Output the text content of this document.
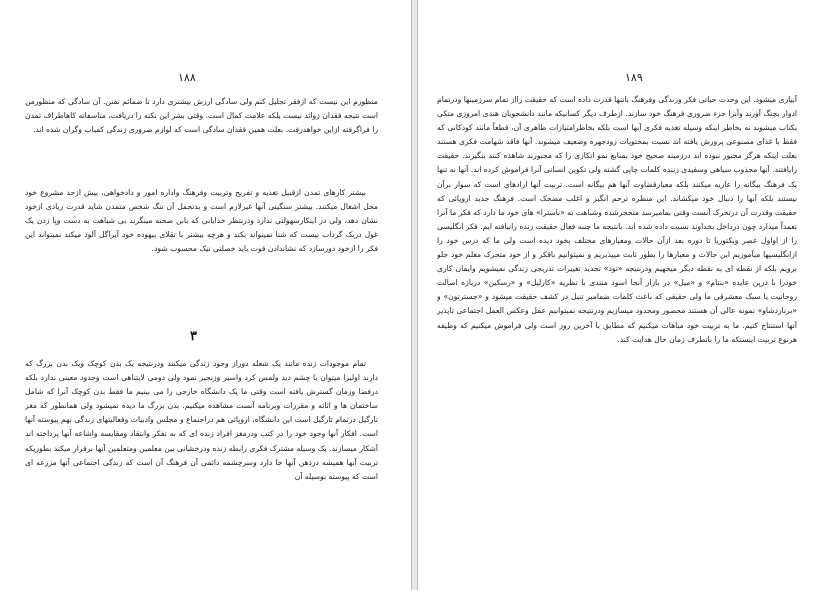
۱۸۸

منظورم این نیست که ازفقر تجلیل کنم ولی سادگی ارزش بیشتری دارد تا ضمائم تفنن. آن سادگی که منظورمن است نتیجه فقدان زوائد نیست بلکه علامت کمال است. وقتی بشر این نکته را دریافت، متاسفانه کاهاطراف تمدن را فراگرفته ازاین خواهدرفت. بعلت همین فقدان سادگی است که لوازم ضروری زندگی کمیاب وگران شده اند.

بیشتر کارهای تمدن ازقبیل تغذیه و تفریح وتربیت وفرهنگ واداره امور و دادخواهی، بیش ازحد مشروع خود محل اشغال میکنند. بیشتر سنگینی آنها غیرلازم است و بدتحمل آن تنگ شخص متمدن شاید قدرت زیادی ازخود نشان دهد، ولی در اینکارسهولتی ندارد ودرنتظر خدایانی که بابن صحنه مینگرند بی شباهت به دست وپا زدن یک غول دریک گرداب نیست که شنا نمیتواند بکند و هرچه بیشتر با تقلای بیهوده خود آبراگل آلود میکند نمیتواند این فکر را ازخود دورسازد که نشاندادن قوت باید خصلتی نیک محسوب شود.

۳

تمام موجودات زنده مانند یک شعله دوراز وجود زندگی میکنند ودرنتیجه یک بدن کوچک ویک بدن بزرگ که دارند اولیرا میتوان با چشم دید ولمس کرد واسیر وزنجیر نمود ولی دومی لایتناهی است وحدود معینی ندارد بلکه درفضا وزمان گسترش یافته است وقتی ما یک دانشگاه خارجی را می بینیم ما فقط بدن کوچک آنرا که شامل ساختمان ها و اثاثه و مقررات وبرنامه آنست مشاهده میکنیم. بدن بزرگ ما دیده نمیشود ولی همانطور که مغز تارگیل درتمام تارگیل است این دانشگاه، اروپائی هم دراجتماع و مجلس وادبیات وفعالیتهای زندگی بهم پیوسته آنها است. افکار آنها وجود خود را در کتب ودرمغز افراد زنده ای که به تفکر وانتقاد ومقایسه واشاعه آنها پرداخته اند آشکار میسازند. یک وسیله مشترک فکری رابطه زنده ودرخشانی بین معلمین ومتعلمین آنها برقرار میکند بطوریکه تربیت آنها همیشه درذهن آنها جا دارد وسرچشمه دائمی آن فرهنگ آن است که زندگی اجتماعی آنها مزرعه ای است که پیوسته بوسیله آن

۱۸۹

آبیاری میشود. این وحدت حیاتی فکر وزندگی وفرهنگ باتنها قدرت داده است که حقیقت رااز تمام سرزمینها ودرتمام ادوار بچنگ آورند وآنرا جزء ضروری فرهنگ خود سازند. ازطرف دیگر کسانیکه مانند دانشجویان هندی امروزی متکی بکتاب میشوند نه بخاطر اینکه وسیله تغذیه فکری آنها است بلکه بخاطرامتیازات ظاهری آن، قطعاً مانند کودکانی که فقط با غذای مصنوعی پرورش یافته اند نسبت بمحتویات زودجهره وضعیف میشوند. آنها فاقد شهامت فکری هستند بعلت اینکه هرگز مجبور نبوده اند درزمینه صحیح خود بمنابع نمو اتکازی را که مجبورند شاهده کنند بنگیزند. حقیقت رایافتند. آنها مجذوب سیاهی وسفیدی زننده کلمات چاپی گشته ولی تکوین انسانی آنرا فراموش کرده اند. آنها نه تنها یک فرهنگ بیگانه را عاریه میکنند بلکه معیارقضاوت آنها هم بیگانه است. تربیت آنها ارادهای است که سوار برآن نیستند بلکه آنها را دنبال خود میکشاند. این منظره ترحم انگیز و اغلب مضحک است. فرهنگ جدید اروپائی که حقیقت وقدرت آن درتحرک آنست وقتی بمامیرسد متحجرشده وشباهت به «ناسترا» های خود ما دارد که فکر ما آنرا تعمداً میدارد چون درداخل بخداوند نسبت داده شده اند. بانتیجه ما جنبه فعال حقیقت زنده رانیافته ایم. فکر انگلیسی را از اواول عصر ویکتوریا تا دوره بعد ازآن حالات ومعیارهای مختلف بخود دیده است ولی ما که درس خود را ازانگلیسیها میآموزیم این حالات و معیارها را بطور ثابت میپذیریم و نمیتوانیم باقکر و از خود متحرک معلم خود جلو برویم بلکه از نقطه ای به نقطه دیگر میجهیم ودرنتیجه «تود» تجدید تغییرات تدریجی زندگی نمیشویم وایمان کاری خودرا با درپن عایده «بنتام» و «میل» در بازار آنجا اسود منتدی با تظریه «کارلیل» و «رسکین» دربازه اصالت روحانیت یا سبک معشرقی ما ولی حقیقی که باعث کلمات ضمامیر تنیل در کشف حقیقت میشود و «جسترتون» و «برناردشاو» نمونه عالی آن هستند محصور ومحدود میسازیم ودرنتیجه نمیتوانیم عمل وعکس العمل اجتماعی تاپذیر آنها استنتاج کنیم. ما به تربیت خود مباهات میکنیم که مطابق با آخرین روز است ولی فراموش میکنیم که وظیفه هرنوع تربیت اینستکه ما را باتطرف زمان حال هدایت کند.
